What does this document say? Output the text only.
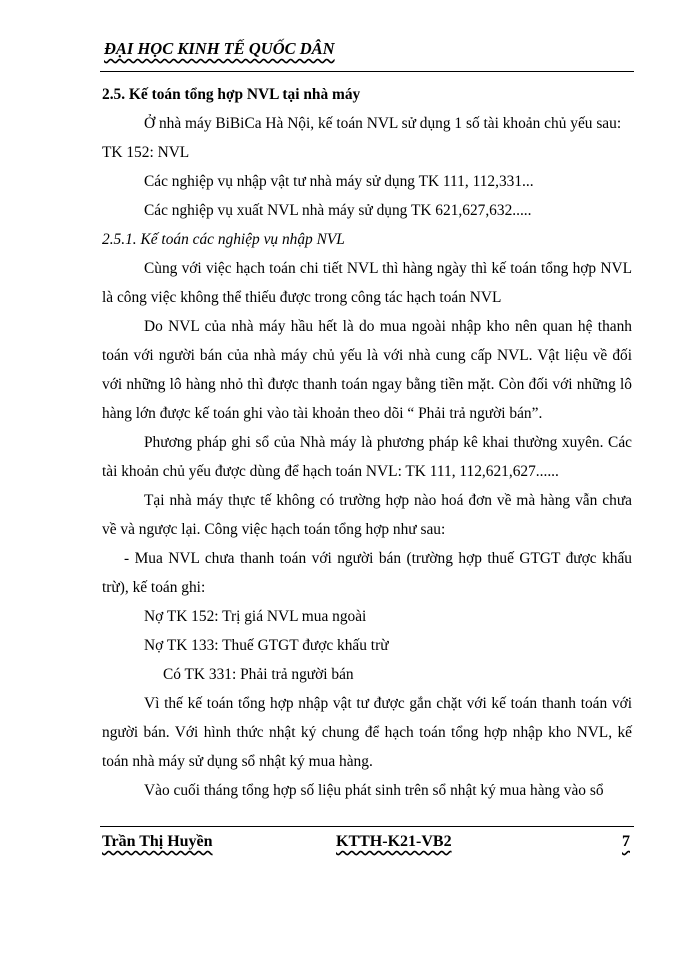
ĐẠI HỌC KINH TẾ QUỐC DÂN

2.5. Kế toán tổng hợp NVL tại nhà máy

Ở nhà máy BiBiCa Hà Nội, kế toán NVL sử dụng 1 số tài khoản chủ yếu sau:

TK 152: NVL

Các nghiệp vụ nhập vật tư nhà máy sử dụng TK 111, 112,331...

Các nghiệp vụ xuất NVL nhà máy sử dụng TK 621,627,632.....

2.5.1. Kế toán các nghiệp vụ nhập NVL

Cùng với việc hạch toán chi tiết NVL thì hàng ngày thì kế toán tổng hợp NVL là công việc không thể thiếu được trong công tác hạch toán NVL

Do NVL của nhà máy hầu hết là do mua ngoài nhập kho nên quan hệ thanh toán với người bán của nhà máy chủ yếu là với nhà cung cấp NVL. Vật liệu về đối với những lô hàng nhỏ thì được thanh toán ngay bằng tiền mặt. Còn đối với những lô hàng lớn được kế toán ghi vào tài khoản theo dõi “ Phải trả người bán”.

Phương pháp ghi sổ của Nhà máy là phương pháp kê khai thường xuyên. Các tài khoản chủ yếu được dùng để hạch toán NVL: TK 111, 112,621,627......

Tại nhà máy thực tế không có trường hợp nào hoá đơn về mà hàng vẫn chưa về và ngược lại. Công việc hạch toán tổng hợp như sau:

- Mua NVL chưa thanh toán với người bán (trường hợp thuế GTGT được khấu trừ), kế toán ghi:

Nợ TK 152: Trị giá NVL mua ngoài

Nợ TK 133: Thuế GTGT được khấu trừ

Có TK 331: Phải trả người bán

Vì thế kế toán tổng hợp nhập vật tư được gắn chặt với kế toán thanh toán với người bán. Với hình thức nhật ký chung để hạch toán tổng hợp nhập kho NVL, kế toán nhà máy sử dụng sổ nhật ký mua hàng.

Vào cuối tháng tổng hợp số liệu phát sinh trên sổ nhật ký mua hàng vào sổ

Trần Thị Huyền	KTTH-K21-VB2	7
